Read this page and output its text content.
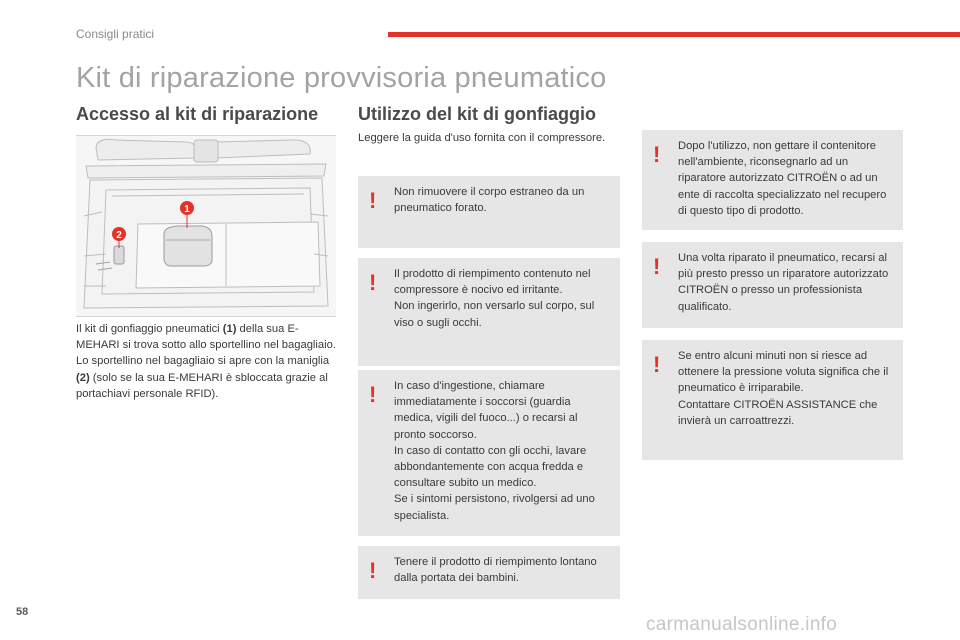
Consigli pratici
Kit di riparazione provvisoria pneumatico
Accesso al kit di riparazione Utilizzo del kit di gonfiaggio
1
2
Il kit di gonfiaggio pneumatici (1) della sua E-MEHARI si trova sotto allo sportellino nel bagagliaio.
Lo sportellino nel bagagliaio si apre con la maniglia (2) (solo se la sua E-MEHARI è sbloccata grazie al portachiavi personale RFID).
Leggere la guida d'uso fornita con il compressore.
! Non rimuovere il corpo estraneo da un pneumatico forato.
! Il prodotto di riempimento contenuto nel compressore è nocivo ed irritante.
Non ingerirlo, non versarlo sul corpo, sul viso o sugli occhi.
! In caso d'ingestione, chiamare immediatamente i soccorsi (guardia medica, vigili del fuoco...) o recarsi al pronto soccorso.
In caso di contatto con gli occhi, lavare abbondantemente con acqua fredda e consultare subito un medico.
Se i sintomi persistono, rivolgersi ad uno specialista.
! Tenere il prodotto di riempimento lontano dalla portata dei bambini.
! Dopo l'utilizzo, non gettare il contenitore nell'ambiente, riconsegnarlo ad un riparatore autorizzato CITROËN o ad un ente di raccolta specializzato nel recupero di questo tipo di prodotto.
! Una volta riparato il pneumatico, recarsi al più presto presso un riparatore autorizzato CITROËN o presso un professionista qualificato.
! Se entro alcuni minuti non si riesce ad ottenere la pressione voluta significa che il pneumatico è irriparabile.
Contattare CITROËN ASSISTANCE che invierà un carroattrezzi.
58
carmanualsonline.info
